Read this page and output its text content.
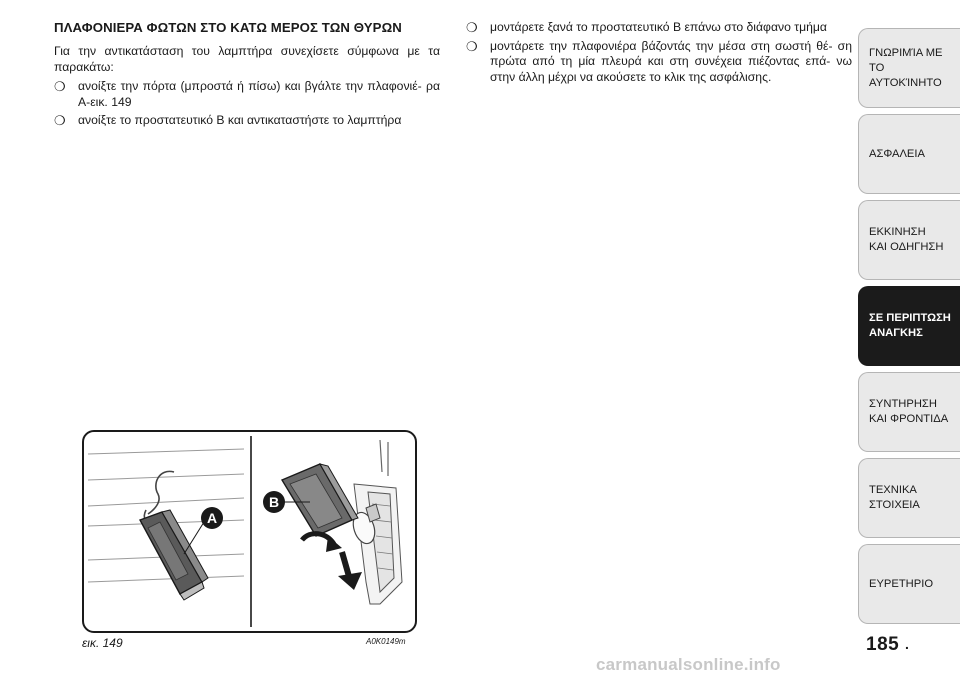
ΠΛΑΦΟΝΙΕΡΑ ΦΩΤΩΝ ΣΤΟ ΚΑΤΩ ΜΕΡΟΣ ΤΩΝ ΘΥΡΩΝ
Για την αντικατάσταση του λαμπτήρα συνεχίσετε σύμφωνα με τα παρακάτω:
❍	ανοίξτε την πόρτα (μπροστά ή πίσω) και βγάλτε την πλαφονιέ- ρα A-εικ. 149
❍	ανοίξτε το προστατευτικό B και αντικαταστήστε το λαμπτήρα
❍	μοντάρετε ξανά το προστατευτικό B επάνω στο διάφανο τμήμα
❍	μοντάρετε την πλαφονιέρα βάζοντάς την μέσα στη σωστή θέ- ση πρώτα από τη μία πλευρά και στη συνέχεια πιέζοντας επά- νω στην άλλη μέχρι να ακούσετε το κλικ της ασφάλισης.
A
B
εικ. 149	A0K0149m
ΓΝΩΡΙΜΊΑ ΜΕ ΤΟ
ΑΥΤΟΚΊΝΗΤΟ
ΑΣΦΑΛΕΙΑ
ΕΚΚΙΝΗΣΗ
ΚΑΙ ΟΔΗΓΗΣΗ
ΣΕ ΠΕΡΙΠΤΩΣΗ
ΑΝΑΓΚΗΣ
ΣΥΝΤΗΡΗΣΗ
ΚΑΙ ΦΡΟΝΤΙΔΑ
ΤΕΧΝΙΚΑ
ΣΤΟΙΧΕΙΑ
ΕΥΡΕΤΗΡΙΟ
185 .
carmanualsonline.info
